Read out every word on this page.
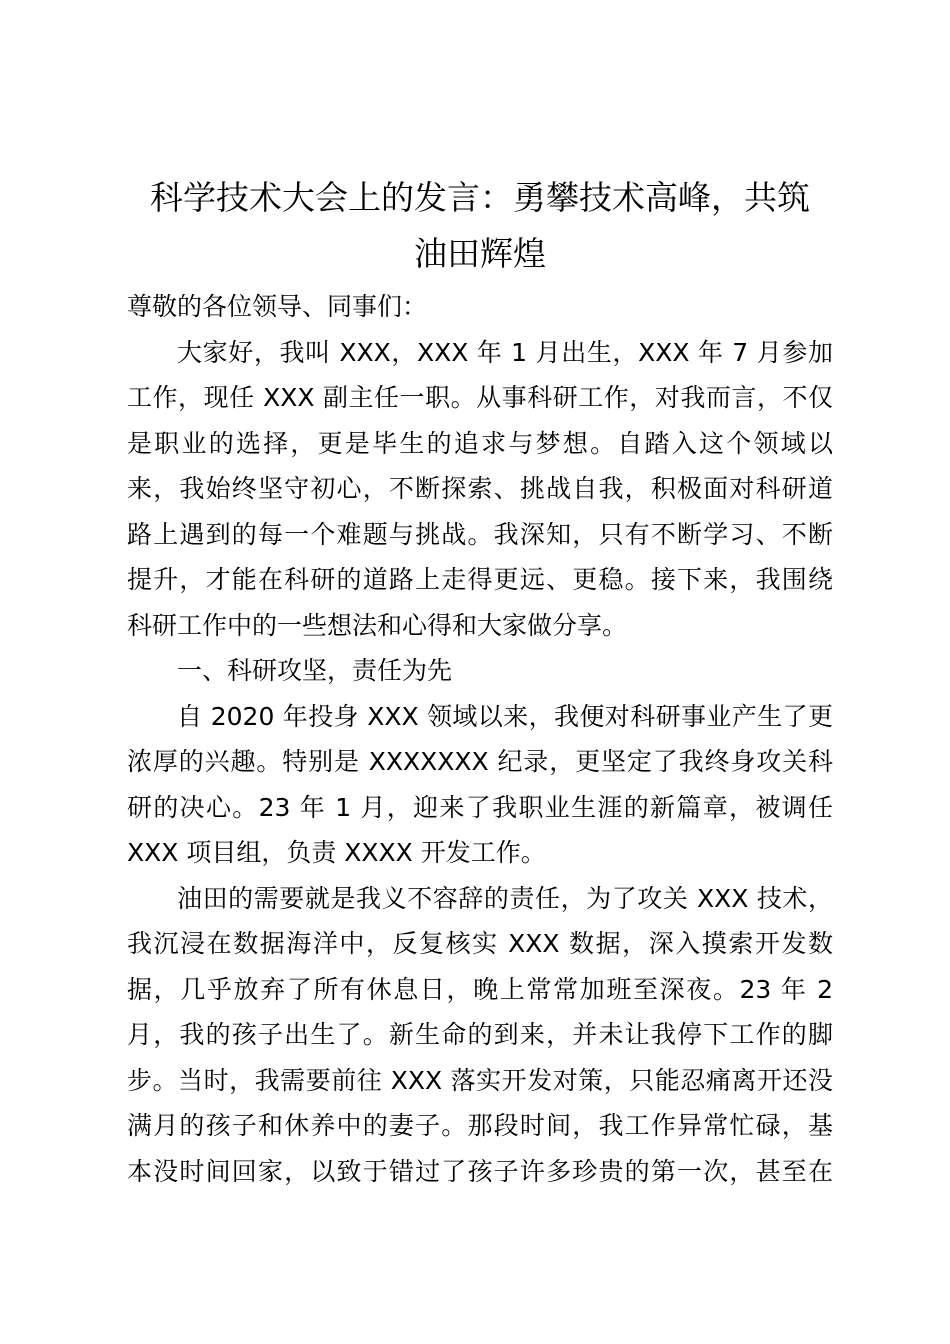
科学技术大会上的发言：勇攀技术高峰，共筑
油田辉煌
尊敬的各位领导、同事们：
大家好，我叫 XXX，XXX 年 1 月出生，XXX 年 7 月参加
工作，现任 XXX 副主任一职。从事科研工作，对我而言，不仅
是职业的选择，更是毕生的追求与梦想。自踏入这个领域以
来，我始终坚守初心，不断探索、挑战自我，积极面对科研道
路上遇到的每一个难题与挑战。我深知，只有不断学习、不断
提升，才能在科研的道路上走得更远、更稳。接下来，我围绕
科研工作中的一些想法和心得和大家做分享。
一、科研攻坚，责任为先
自 2020 年投身 XXX 领域以来，我便对科研事业产生了更
浓厚的兴趣。特别是 XXXXXXX 纪录，更坚定了我终身攻关科
研的决心。23 年 1 月，迎来了我职业生涯的新篇章，被调任
XXX 项目组，负责 XXXX 开发工作。
油田的需要就是我义不容辞的责任，为了攻关 XXX 技术，
我沉浸在数据海洋中，反复核实 XXX 数据，深入摸索开发数
据，几乎放弃了所有休息日，晚上常常加班至深夜。23 年 2
月，我的孩子出生了。新生命的到来，并未让我停下工作的脚
步。当时，我需要前往 XXX 落实开发对策，只能忍痛离开还没
满月的孩子和休养中的妻子。那段时间，我工作异常忙碌，基
本没时间回家，以致于错过了孩子许多珍贵的第一次，甚至在
